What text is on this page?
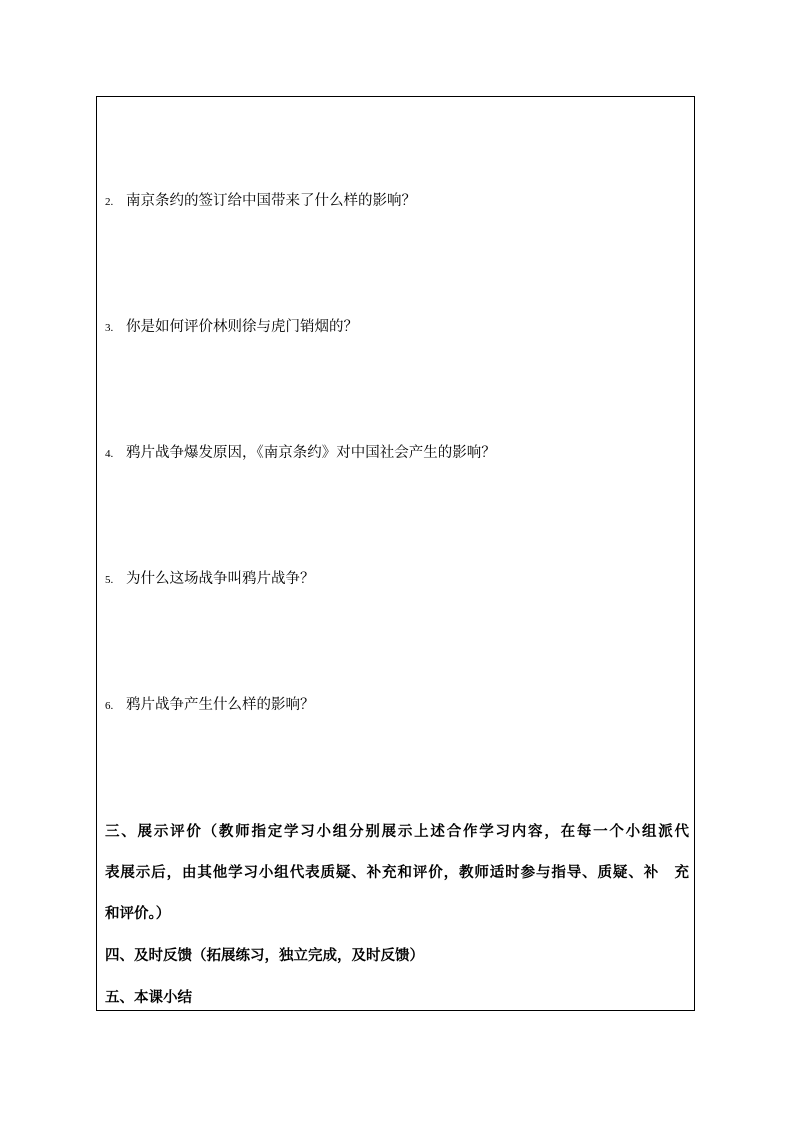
2. 南京条约的签订给中国带来了什么样的影响？
3. 你是如何评价林则徐与虎门销烟的？
4. 鸦片战争爆发原因，《南京条约》对中国社会产生的影响？
5. 为什么这场战争叫鸦片战争？
6. 鸦片战争产生什么样的影响？
三、展示评价（教师指定学习小组分别展示上述合作学习内容，在每一个小组派代
表展示后，由其他学习小组代表质疑、补充和评价，教师适时参与指导、质疑、补　充
和评价。）
四、及时反馈（拓展练习，独立完成，及时反馈）
五、本课小结
